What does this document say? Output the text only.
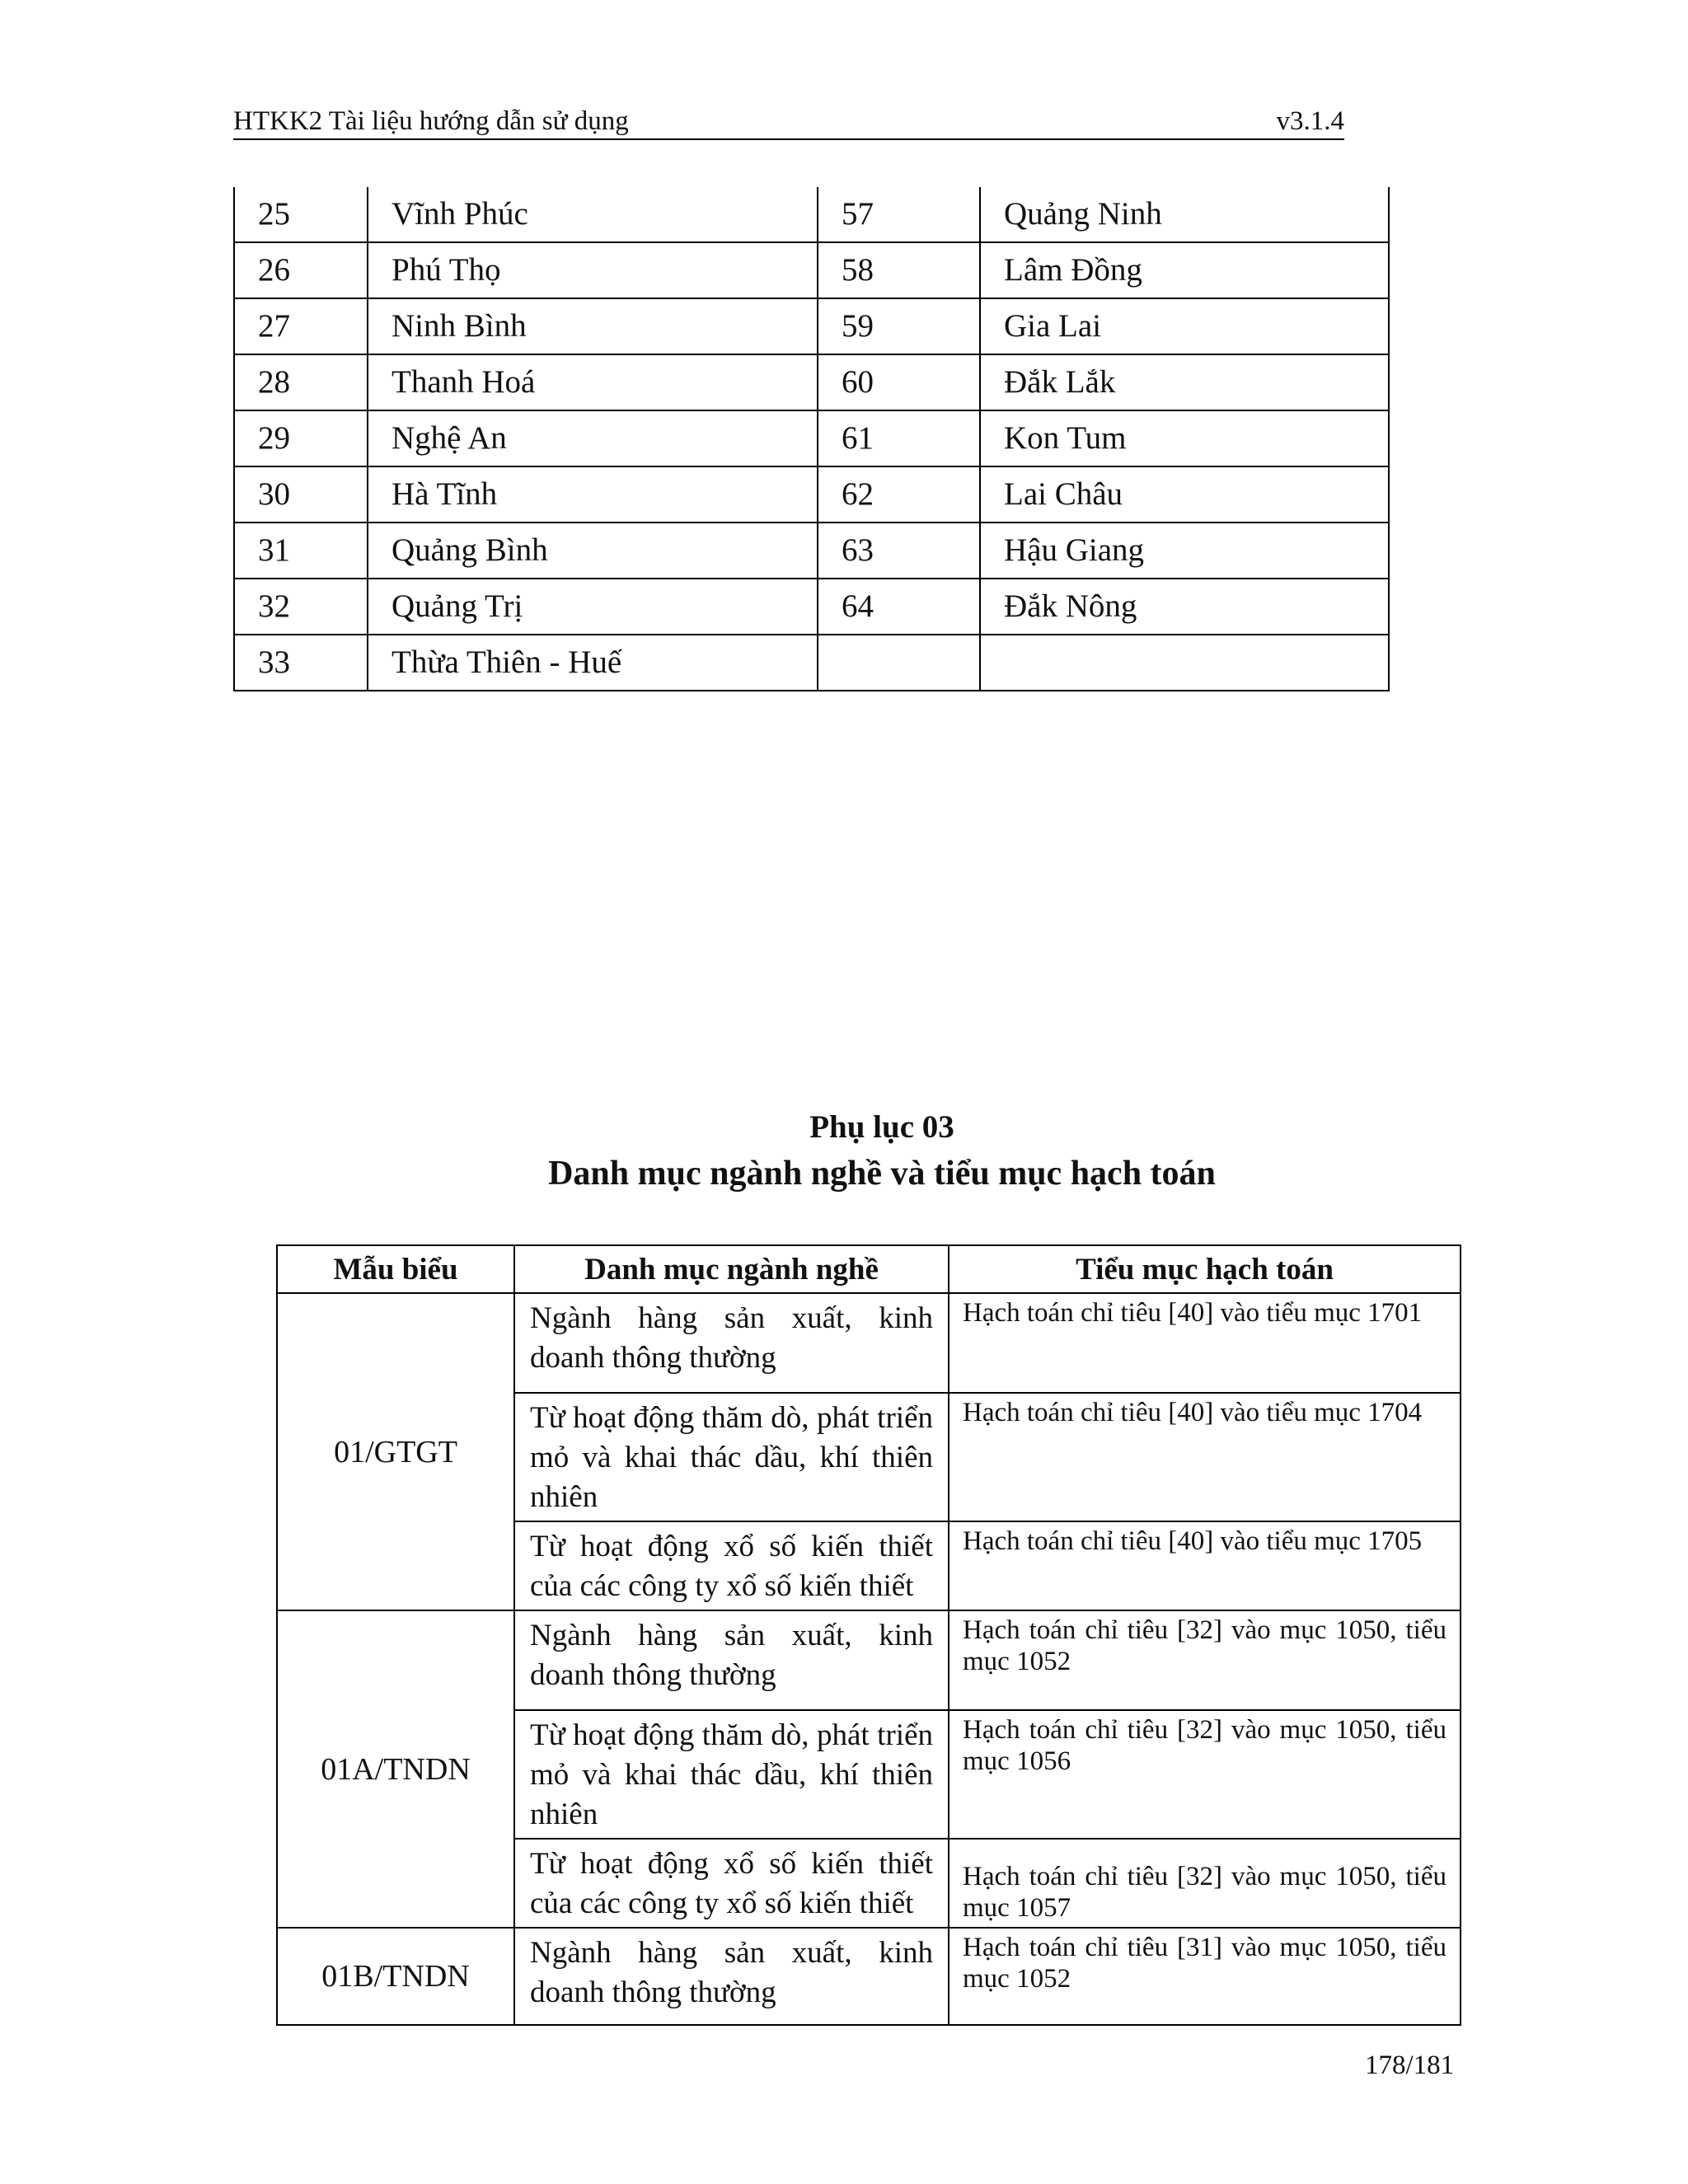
HTKK2 Tài liệu hướng dẫn sử dụng	v3.1.4
25	Vĩnh Phúc	57	Quảng Ninh
26	Phú Thọ	58	Lâm Đồng
27	Ninh Bình	59	Gia Lai
28	Thanh Hoá	60	Đắk Lắk
29	Nghệ An	61	Kon Tum
30	Hà Tĩnh	62	Lai Châu
31	Quảng Bình	63	Hậu Giang
32	Quảng Trị	64	Đắk Nông
33	Thừa Thiên - Huế		
Phụ lục 03
Danh mục ngành nghề và tiểu mục hạch toán
Mẫu biểu	Danh mục ngành nghề	Tiểu mục hạch toán
01/GTGT	Ngành hàng sản xuất, kinh doanh thông thường	Hạch toán chỉ tiêu [40] vào tiểu mục 1701
	Từ hoạt động thăm dò, phát triển mỏ và khai thác dầu, khí thiên nhiên	Hạch toán chỉ tiêu [40] vào tiểu mục 1704
	Từ hoạt động xổ số kiến thiết của các công ty xổ số kiến thiết	Hạch toán chỉ tiêu [40] vào tiểu mục 1705
01A/TNDN	Ngành hàng sản xuất, kinh doanh thông thường	Hạch toán chỉ tiêu [32] vào mục 1050, tiểu mục 1052
	Từ hoạt động thăm dò, phát triển mỏ và khai thác dầu, khí thiên nhiên	Hạch toán chỉ tiêu [32] vào mục 1050, tiểu mục 1056
	Từ hoạt động xổ số kiến thiết của các công ty xổ số kiến thiết	Hạch toán chỉ tiêu [32] vào mục 1050, tiểu mục 1057
01B/TNDN	Ngành hàng sản xuất, kinh doanh thông thường	Hạch toán chỉ tiêu [31] vào mục 1050, tiểu mục 1052
178/181
